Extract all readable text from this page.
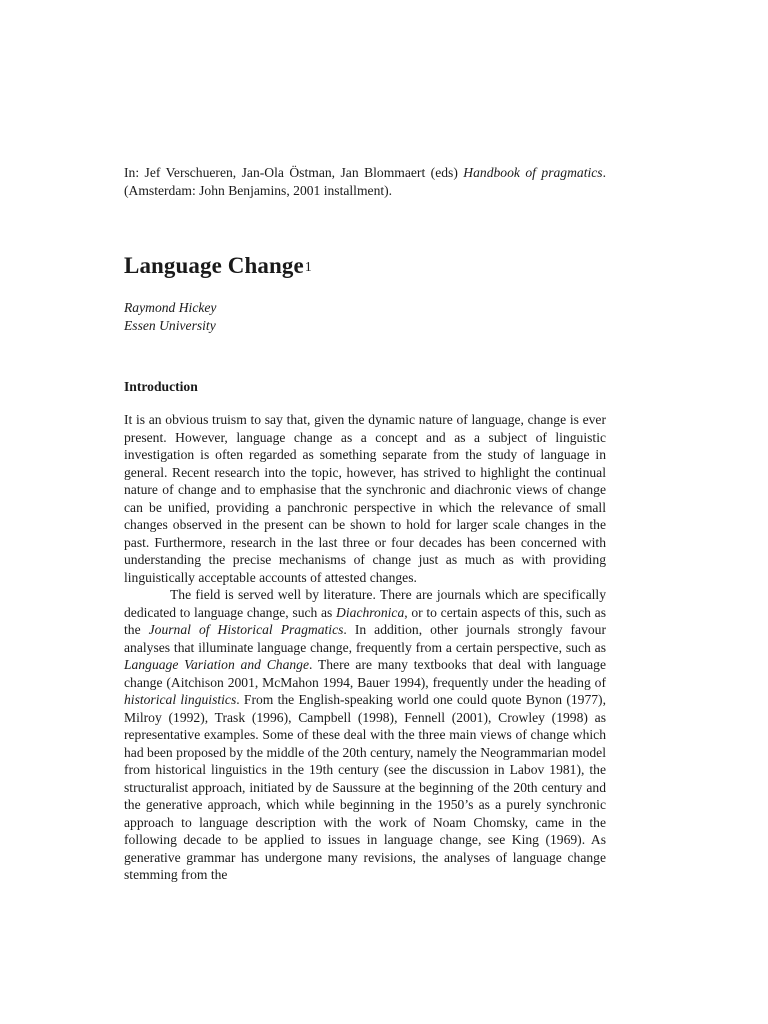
In: Jef Verschueren, Jan-Ola Östman, Jan Blommaert (eds) Handbook of pragmatics. (Amsterdam: John Benjamins, 2001 installment).

Language Change$^1$
Raymond Hickey
Essen University
Introduction

It is an obvious truism to say that, given the dynamic nature of language, change is ever present. However, language change as a concept and as a subject of linguistic investigation is often regarded as something separate from the study of language in general. Recent research into the topic, however, has strived to highlight the continual nature of change and to emphasise that the synchronic and diachronic views of change can be unified, providing a panchronic perspective in which the relevance of small changes observed in the present can be shown to hold for larger scale changes in the past. Furthermore, research in the last three or four decades has been concerned with understanding the precise mechanisms of change just as much as with providing linguistically acceptable accounts of attested changes.

The field is served well by literature. There are journals which are specifically dedicated to language change, such as Diachronica, or to certain aspects of this, such as the Journal of Historical Pragmatics. In addition, other journals strongly favour analyses that illuminate language change, frequently from a certain perspective, such as Language Variation and Change. There are many textbooks that deal with language change (Aitchison 2001, McMahon 1994, Bauer 1994), frequently under the heading of historical linguistics. From the English-speaking world one could quote Bynon (1977), Milroy (1992), Trask (1996), Campbell (1998), Fennell (2001), Crowley (1998) as representative examples. Some of these deal with the three main views of change which had been proposed by the middle of the 20th century, namely the Neogrammarian model from historical linguistics in the 19th century (see the discussion in Labov 1981), the structuralist approach, initiated by de Saussure at the beginning of the 20th century and the generative approach, which while beginning in the 1950’s as a purely synchronic approach to language description with the work of Noam Chomsky, came in the following decade to be applied to issues in language change, see King (1969). As generative grammar has undergone many revisions, the analyses of language change stemming from the
